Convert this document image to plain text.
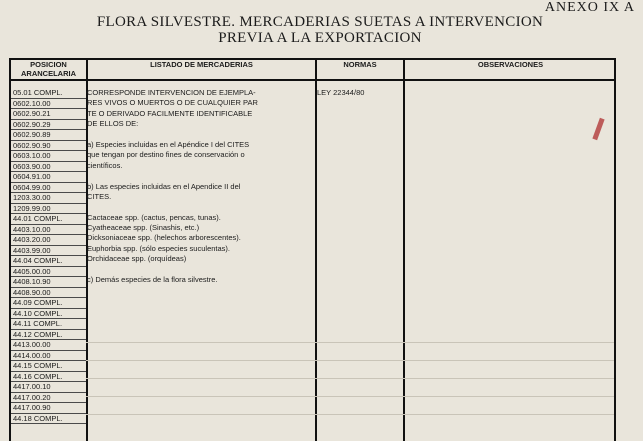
ANEXO IX A
FLORA SILVESTRE. MERCADERIAS SUETAS A INTERVENCION
PREVIA A LA EXPORTACION
POSICION
ARANCELARIA
LISTADO DE MERCADERIAS	NORMAS	OBSERVACIONES
05.01 COMPL.
0602.10.00
0602.90.21
0602.90.29
0602.90.89
0602.90.90
0603.10.00
0603.90.00
0604.91.00
0604.99.00
1203.30.00
1209.99.00
44.01 COMPL.
4403.10.00
4403.20.00
4403.99.00
44.04 COMPL.
4405.00.00
4408.10.90
4408.90.00
44.09 COMPL.
44.10 COMPL.
44.11 COMPL.
44.12 COMPL.
4413.00.00
4414.00.00
44.15 COMPL.
44.16 COMPL.
4417.00.10
4417.00.20
4417.00.90
44.18 COMPL.
CORRESPONDE INTERVENCION DE EJEMPLA-
RES VIVOS O MUERTOS O DE CUALQUIER PAR
TE O DERIVADO FACILMENTE IDENTIFICABLE
DE ELLOS DE:
a) Especies incluidas en el Apéndice I del CITES
que tengan por destino fines de conservación o
científicos.
b) Las especies incluidas en el Apendice II del
CITES.
Cactaceae spp. (cactus, pencas, tunas).
Cyatheaceae spp. (Sinashis, etc.)
Dicksoniaceae spp. (helechos arborescentes).
Euphorbia spp. (sólo especies suculentas).
Orchidaceae spp. (orquídeas)
c) Demás especies de la flora silvestre.
LEY 22344/80
